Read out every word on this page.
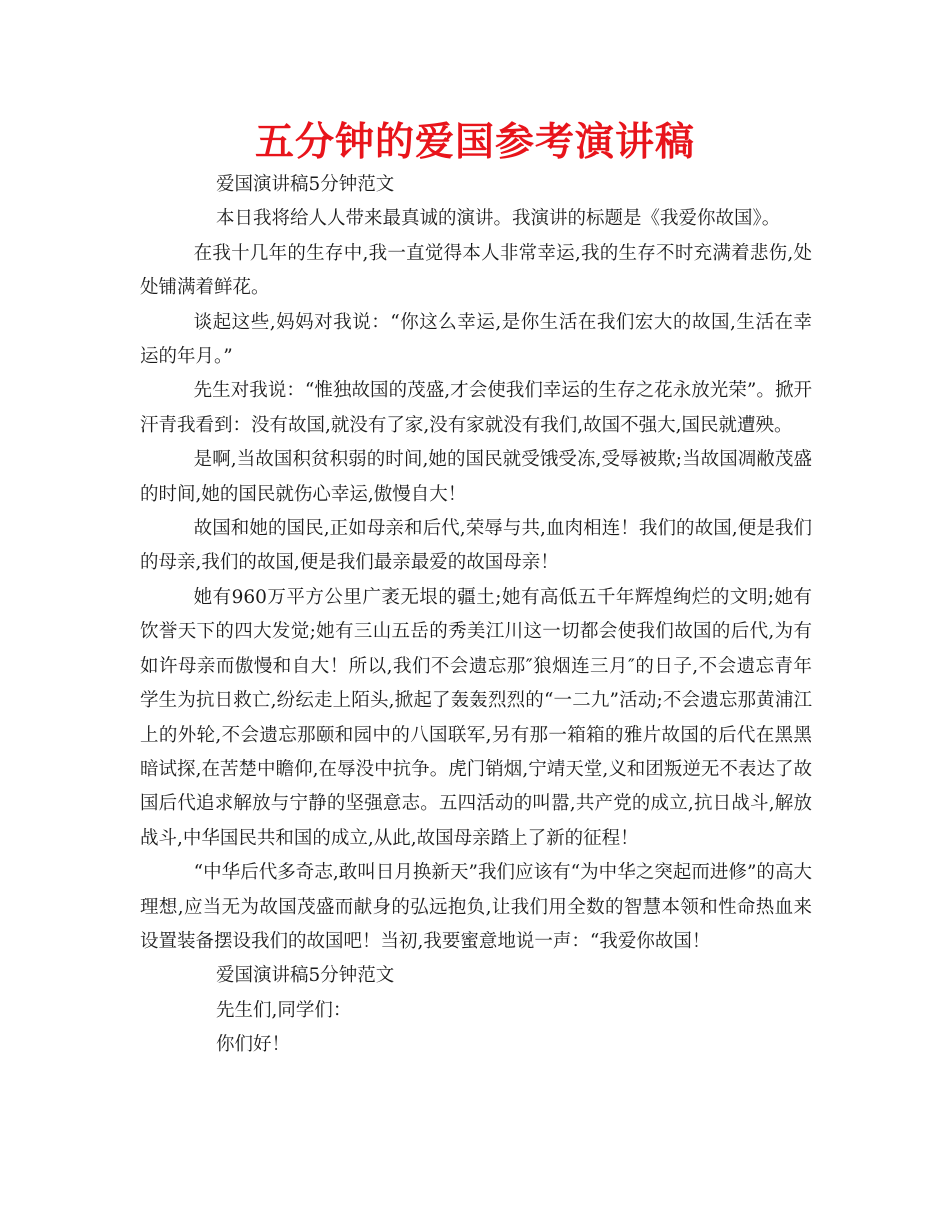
五分钟的爱国参考演讲稿

爱国演讲稿5分钟范文

本日我将给人人带来最真诚的演讲。我演讲的标题是《我爱你故国》。

在我十几年的生存中,我一直觉得本人非常幸运,我的生存不时充满着悲伤,处处铺满着鲜花。

谈起这些,妈妈对我说：“你这么幸运,是你生活在我们宏大的故国,生活在幸运的年月。”

先生对我说：“惟独故国的茂盛,才会使我们幸运的生存之花永放光荣”。掀开汗青我看到：没有故国,就没有了家,没有家就没有我们,故国不强大,国民就遭殃。

是啊,当故国积贫积弱的时间,她的国民就受饿受冻,受辱被欺;当故国凋敝茂盛的时间,她的国民就伤心幸运,傲慢自大！

故国和她的国民,正如母亲和后代,荣辱与共,血肉相连！我们的故国,便是我们的母亲,我们的故国,便是我们最亲最爱的故国母亲！

她有960万平方公里广袤无垠的疆土;她有高低五千年辉煌绚烂的文明;她有饮誉天下的四大发觉;她有三山五岳的秀美江川这一切都会使我们故国的后代,为有如许母亲而傲慢和自大！所以,我们不会遗忘那″狼烟连三月″的日子,不会遗忘青年学生为抗日救亡,纷纭走上陌头,掀起了轰轰烈烈的“一二九”活动;不会遗忘那黄浦江上的外轮,不会遗忘那颐和园中的八国联军,另有那一箱箱的雅片故国的后代在黑黑暗试探,在苦楚中瞻仰,在辱没中抗争。虎门销烟,宁靖天堂,义和团叛逆无不表达了故国后代追求解放与宁静的坚强意志。五四活动的叫嚣,共产党的成立,抗日战斗,解放战斗,中华国民共和国的成立,从此,故国母亲踏上了新的征程！

“中华后代多奇志,敢叫日月换新天”我们应该有“为中华之突起而进修”的高大理想,应当无为故国茂盛而献身的弘远抱负,让我们用全数的智慧本领和性命热血来设置装备摆设我们的故国吧！当初,我要蜜意地说一声：“我爱你故国！

爱国演讲稿5分钟范文

先生们,同学们：

你们好！
